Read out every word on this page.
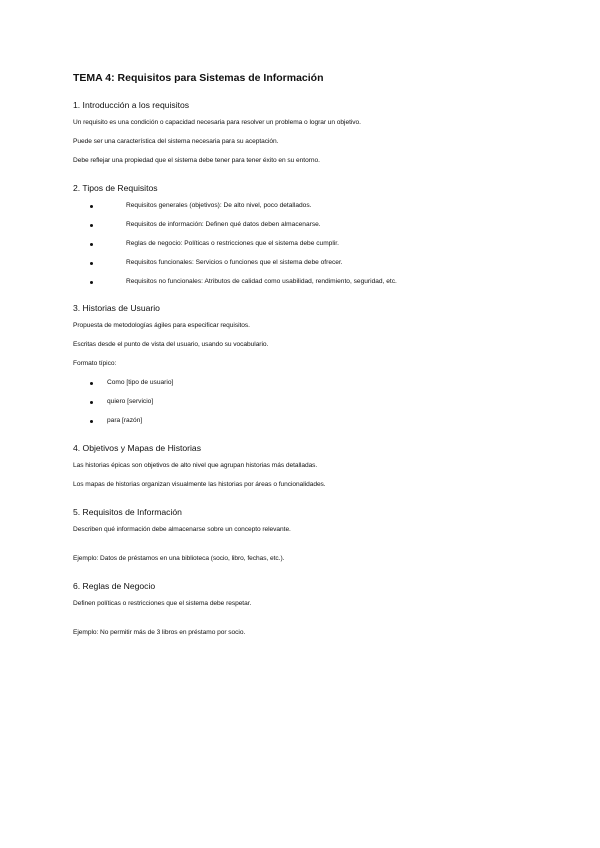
TEMA 4: Requisitos para Sistemas de Información
1. Introducción a los requisitos

Un requisito es una condición o capacidad necesaria para resolver un problema o lograr un objetivo.

Puede ser una característica del sistema necesaria para su aceptación.

Debe reflejar una propiedad que el sistema debe tener para tener éxito en su entorno.

2. Tipos de Requisitos
Requisitos generales (objetivos): De alto nivel, poco detallados.
Requisitos de información: Definen qué datos deben almacenarse.
Reglas de negocio: Políticas o restricciones que el sistema debe cumplir.
Requisitos funcionales: Servicios o funciones que el sistema debe ofrecer.
Requisitos no funcionales: Atributos de calidad como usabilidad, rendimiento, seguridad, etc.
3. Historias de Usuario

Propuesta de metodologías ágiles para especificar requisitos.

Escritas desde el punto de vista del usuario, usando su vocabulario.

Formato típico:

Como [tipo de usuario]
quiero [servicio]
para [razón]
4. Objetivos y Mapas de Historias

Las historias épicas son objetivos de alto nivel que agrupan historias más detalladas.

Los mapas de historias organizan visualmente las historias por áreas o funcionalidades.

5. Requisitos de Información

Describen qué información debe almacenarse sobre un concepto relevante.

Ejemplo: Datos de préstamos en una biblioteca (socio, libro, fechas, etc.).

6. Reglas de Negocio

Definen políticas o restricciones que el sistema debe respetar.

Ejemplo: No permitir más de 3 libros en préstamo por socio.
